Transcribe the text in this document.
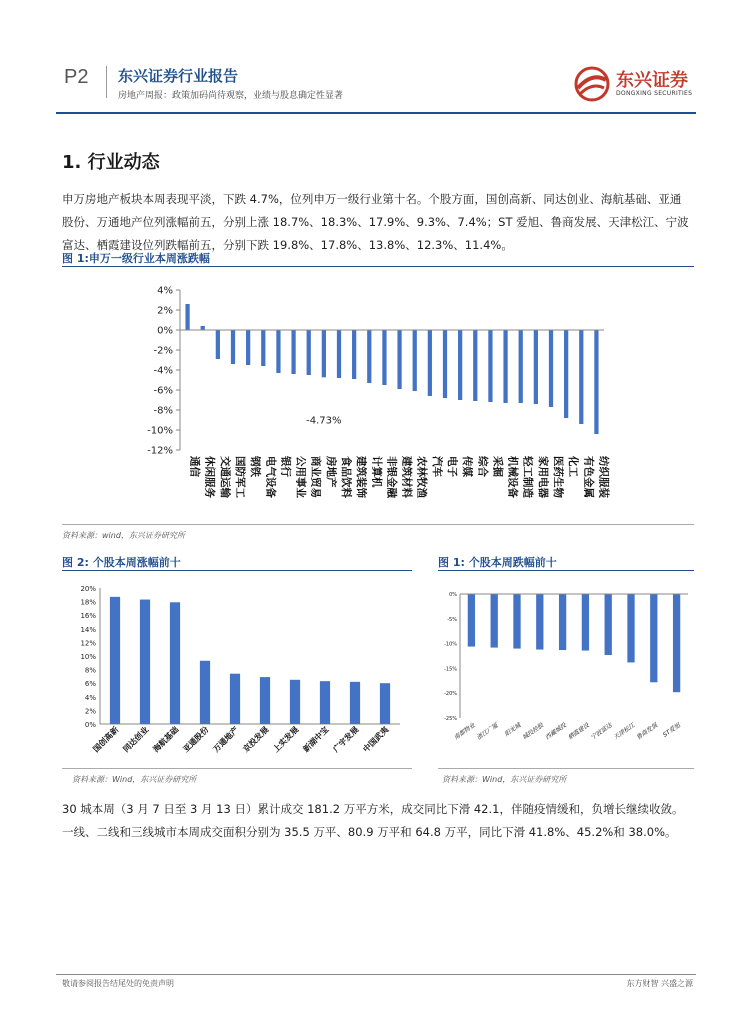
P2 东兴证券行业报告
房地产周报：政策加码尚待观察，业绩与股息确定性显著
东兴证券
DONGXING SECURITIES
1. 行业动态
申万房地产板块本周表现平淡，下跌 4.7%，位列申万一级行业第十名。个股方面，国创高新、同达创业、海航基础、亚通股份、万通地产位列涨幅前五，分别上涨 18.7%、18.3%、17.9%、9.3%、7.4%；ST 爱旭、鲁商发展、天津松江、宁波富达、栖霞建设位列跌幅前五，分别下跌 19.8%、17.8%、13.8%、12.3%、11.4%。
图 1:申万一级行业本周涨跌幅
4%
2%
0%
-2%
-4%
-6%
-8%
-10%
-12%
通信 休闲服务 交通运输 国防军工 钢铁 电气设备 银行 公用事业 商业贸易 房地产 食品饮料 建筑装饰 计算机 非银金融 建筑材料 农林牧渔 汽车 电子 传媒 综合 采掘 机械设备 轻工制造 家用电器 医药生物 化工 有色金属 纺织服装
-4.73%
资料来源：wind，东兴证券研究所
图 2: 个股本周涨幅前十
20%
18%
16%
14%
12%
10%
8%
6%
4%
2%
0%
国创高新 同达创业 海航基础 亚通股份 万通地产 京投发展 上实发展 新湖中宝 广宇发展 中国武夷
资料来源：Wind，东兴证券研究所
图 1: 个股本周跌幅前十
0%
-5%
-10%
-15%
-20%
-25%
南都物业 浙江广厦 阳光城 城投控股 西藏城投 栖霞建设 宁波富达 天津松江 鲁商发展 ST爱旭
资料来源：Wind，东兴证券研究所
30 城本周（3 月 7 日至 3 月 13 日）累计成交 181.2 万平方米，成交同比下滑 42.1，伴随疫情缓和，负增长继续收敛。一线、二线和三线城市本周成交面积分别为 35.5 万平、80.9 万平和 64.8 万平，同比下滑 41.8%、45.2%和 38.0%。
敬请参阅报告结尾处的免责声明	东方财智 兴盛之源
